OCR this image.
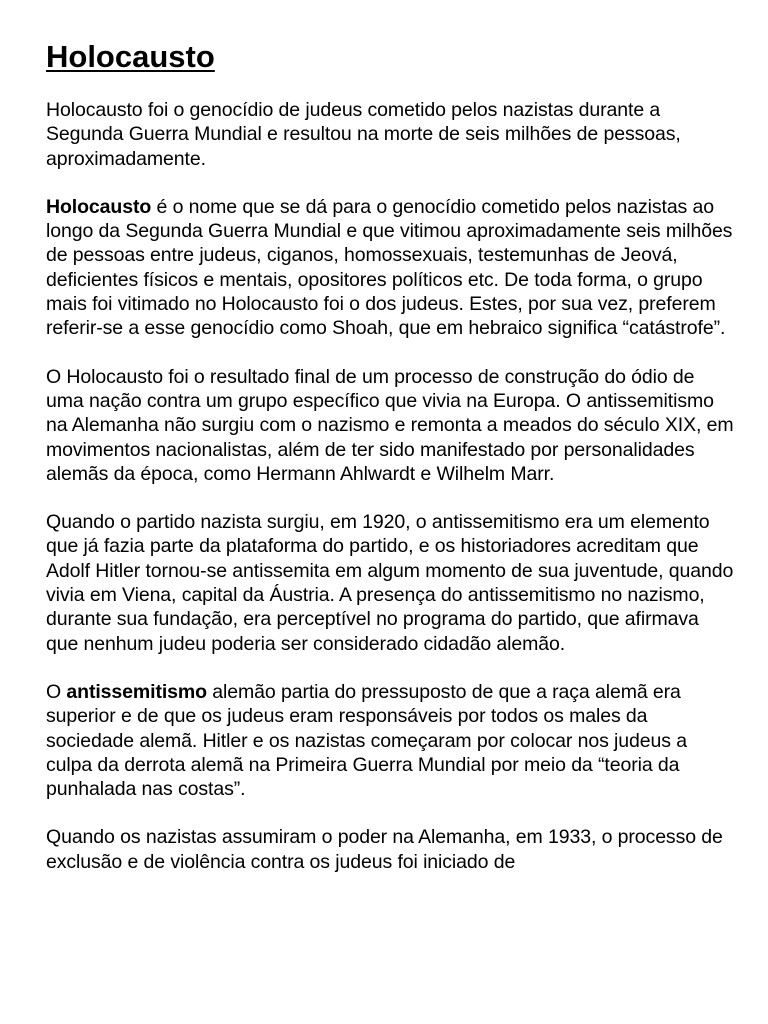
Holocausto

Holocausto foi o genocídio de judeus cometido pelos nazistas durante a Segunda Guerra Mundial e resultou na morte de seis milhões de pessoas, aproximadamente.

Holocausto é o nome que se dá para o genocídio cometido pelos nazistas ao longo da Segunda Guerra Mundial e que vitimou aproximadamente seis milhões de pessoas entre judeus, ciganos, homossexuais, testemunhas de Jeová, deficientes físicos e mentais, opositores políticos etc. De toda forma, o grupo mais foi vitimado no Holocausto foi o dos judeus. Estes, por sua vez, preferem referir-se a esse genocídio como Shoah, que em hebraico significa “catástrofe”.

O Holocausto foi o resultado final de um processo de construção do ódio de uma nação contra um grupo específico que vivia na Europa. O antissemitismo na Alemanha não surgiu com o nazismo e remonta a meados do século XIX, em movimentos nacionalistas, além de ter sido manifestado por personalidades alemãs da época, como Hermann Ahlwardt e Wilhelm Marr.

Quando o partido nazista surgiu, em 1920, o antissemitismo era um elemento que já fazia parte da plataforma do partido, e os historiadores acreditam que Adolf Hitler tornou-se antissemita em algum momento de sua juventude, quando vivia em Viena, capital da Áustria. A presença do antissemitismo no nazismo, durante sua fundação, era perceptível no programa do partido, que afirmava que nenhum judeu poderia ser considerado cidadão alemão.

O antissemitismo alemão partia do pressuposto de que a raça alemã era superior e de que os judeus eram responsáveis por todos os males da sociedade alemã. Hitler e os nazistas começaram por colocar nos judeus a culpa da derrota alemã na Primeira Guerra Mundial por meio da “teoria da punhalada nas costas”.

Quando os nazistas assumiram o poder na Alemanha, em 1933, o processo de exclusão e de violência contra os judeus foi iniciado de
